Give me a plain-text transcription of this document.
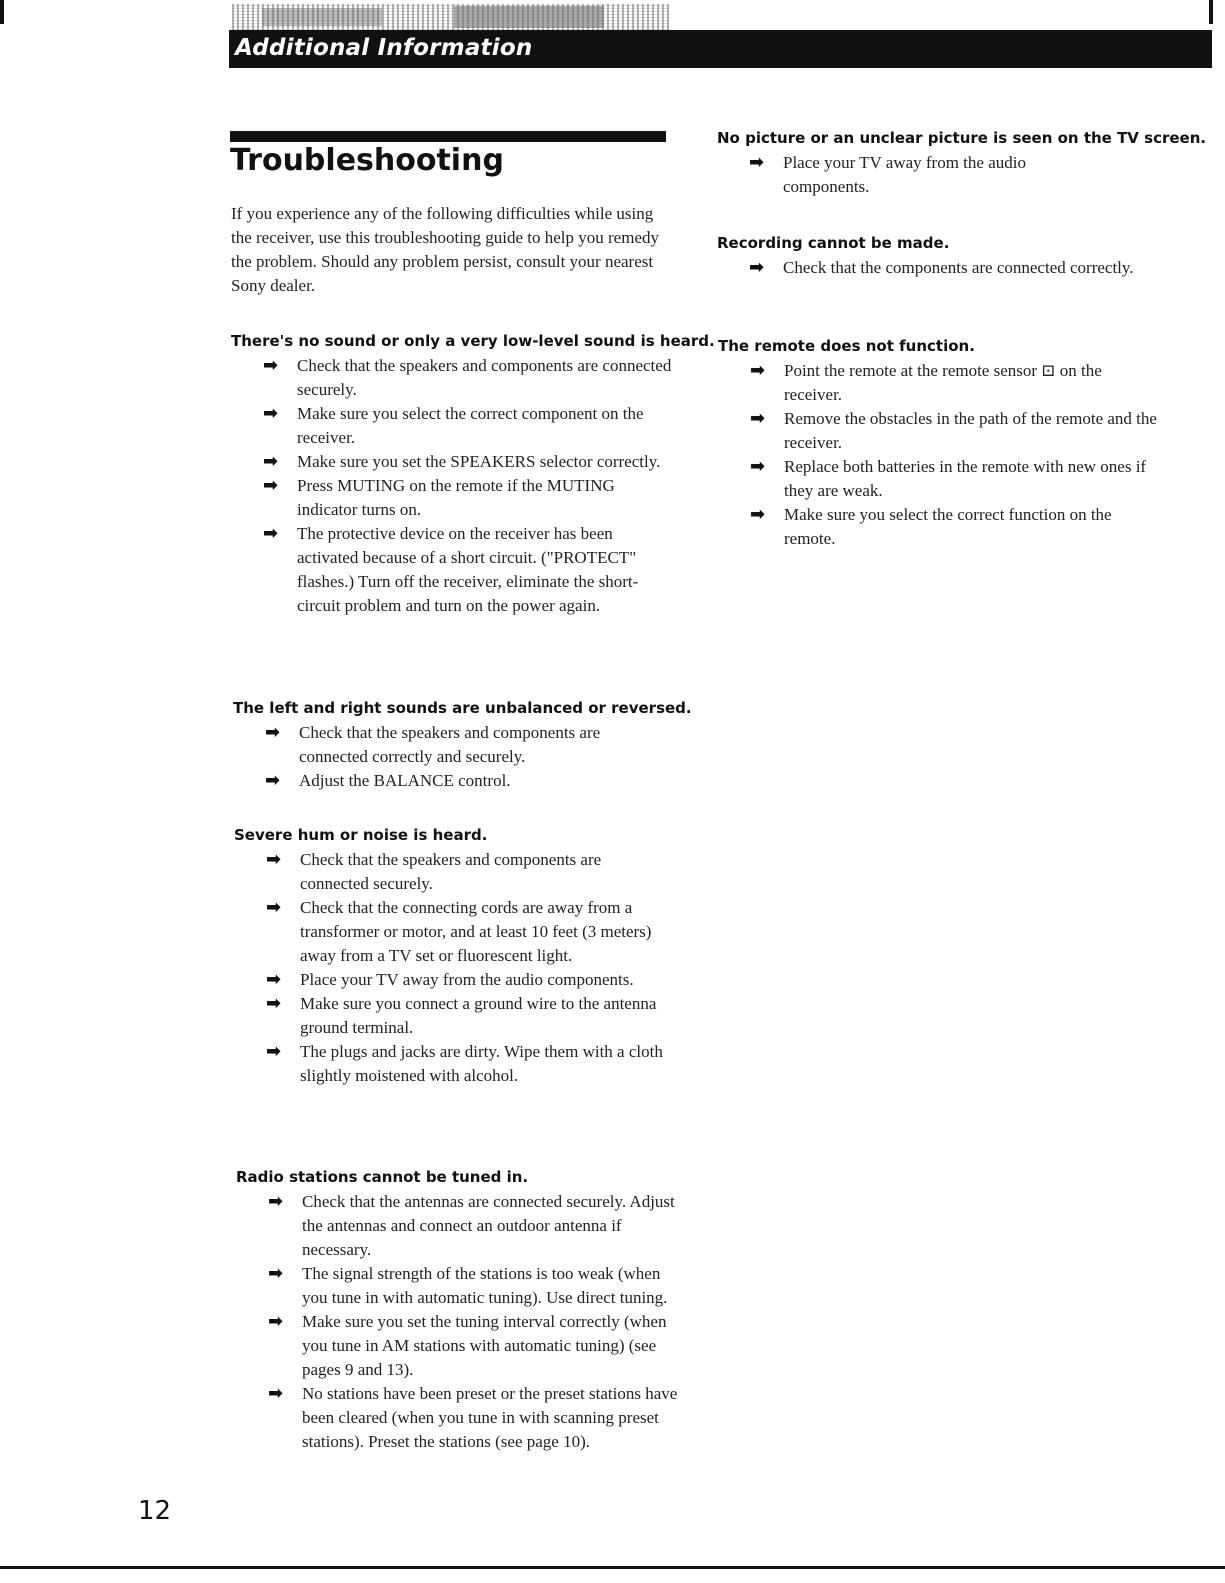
Additional Information
Troubleshooting

If you experience any of the following difficulties while using the receiver, use this troubleshooting guide to help you remedy the problem. Should any problem persist, consult your nearest Sony dealer.

There's no sound or only a very low-level sound is heard.
➡ Check that the speakers and components are connected securely.
➡ Make sure you select the correct component on the receiver.
➡ Make sure you set the SPEAKERS selector correctly.
➡ Press MUTING on the remote if the MUTING indicator turns on.
➡ The protective device on the receiver has been activated because of a short circuit. ("PROTECT" flashes.) Turn off the receiver, eliminate the short-circuit problem and turn on the power again.
The left and right sounds are unbalanced or reversed.
➡ Check that the speakers and components are connected correctly and securely.
➡ Adjust the BALANCE control.
Severe hum or noise is heard.
➡ Check that the speakers and components are connected securely.
➡ Check that the connecting cords are away from a transformer or motor, and at least 10 feet (3 meters) away from a TV set or fluorescent light.
➡ Place your TV away from the audio components.
➡ Make sure you connect a ground wire to the antenna ground terminal.
➡ The plugs and jacks are dirty. Wipe them with a cloth slightly moistened with alcohol.
Radio stations cannot be tuned in.
➡ Check that the antennas are connected securely. Adjust the antennas and connect an outdoor antenna if necessary.
➡ The signal strength of the stations is too weak (when you tune in with automatic tuning). Use direct tuning.
➡ Make sure you set the tuning interval correctly (when you tune in AM stations with automatic tuning) (see pages 9 and 13).
➡ No stations have been preset or the preset stations have been cleared (when you tune in with scanning preset stations). Preset the stations (see page 10).
No picture or an unclear picture is seen on the TV screen.
➡ Place your TV away from the audio components.
Recording cannot be made.
➡ Check that the components are connected correctly.
The remote does not function.
➡ Point the remote at the remote sensor ⊡ on the receiver.
➡ Remove the obstacles in the path of the remote and the receiver.
➡ Replace both batteries in the remote with new ones if they are weak.
➡ Make sure you select the correct function on the remote.
12
